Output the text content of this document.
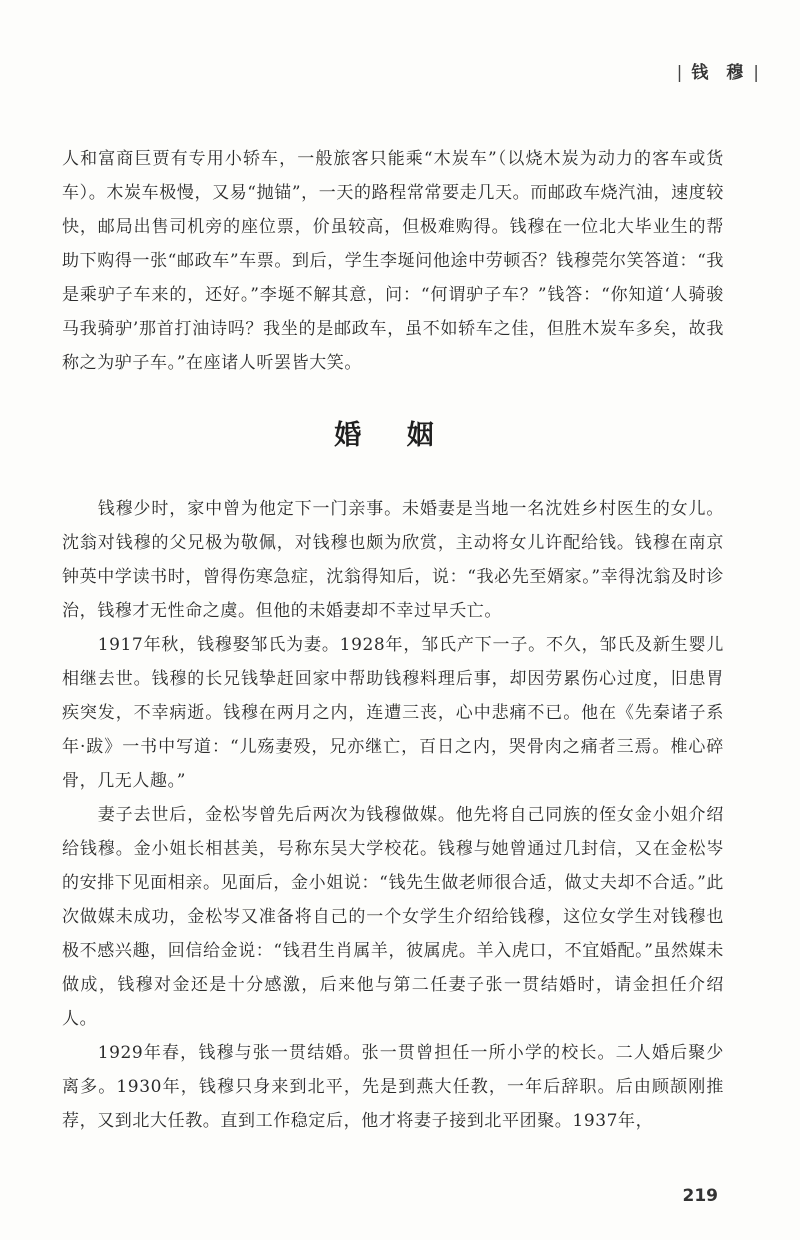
| 钱 穆 |

人和富商巨贾有专用小轿车，一般旅客只能乘“木炭车”（以烧木炭为动力的客车或货车）。木炭车极慢，又易“抛锚”，一天的路程常常要走几天。而邮政车烧汽油，速度较快，邮局出售司机旁的座位票，价虽较高，但极难购得。钱穆在一位北大毕业生的帮助下购得一张“邮政车”车票。到后，学生李埏问他途中劳顿否？钱穆莞尔笑答道：“我是乘驴子车来的，还好。”李埏不解其意，问：“何谓驴子车？”钱答：“你知道‘人骑骏马我骑驴’那首打油诗吗？我坐的是邮政车，虽不如轿车之佳，但胜木炭车多矣，故我称之为驴子车。”在座诸人听罢皆大笑。

婚 姻

钱穆少时，家中曾为他定下一门亲事。未婚妻是当地一名沈姓乡村医生的女儿。沈翁对钱穆的父兄极为敬佩，对钱穆也颇为欣赏，主动将女儿许配给钱。钱穆在南京钟英中学读书时，曾得伤寒急症，沈翁得知后，说：“我必先至婿家。”幸得沈翁及时诊治，钱穆才无性命之虞。但他的未婚妻却不幸过早夭亡。

1917年秋，钱穆娶邹氏为妻。1928年，邹氏产下一子。不久，邹氏及新生婴儿相继去世。钱穆的长兄钱挚赶回家中帮助钱穆料理后事，却因劳累伤心过度，旧患胃疾突发，不幸病逝。钱穆在两月之内，连遭三丧，心中悲痛不已。他在《先秦诸子系年·跋》一书中写道：“儿殇妻殁，兄亦继亡，百日之内，哭骨肉之痛者三焉。椎心碎骨，几无人趣。”

妻子去世后，金松岑曾先后两次为钱穆做媒。他先将自己同族的侄女金小姐介绍给钱穆。金小姐长相甚美，号称东吴大学校花。钱穆与她曾通过几封信，又在金松岑的安排下见面相亲。见面后，金小姐说：“钱先生做老师很合适，做丈夫却不合适。”此次做媒未成功，金松岑又准备将自己的一个女学生介绍给钱穆，这位女学生对钱穆也极不感兴趣，回信给金说：“钱君生肖属羊，彼属虎。羊入虎口，不宜婚配。”虽然媒未做成，钱穆对金还是十分感激，后来他与第二任妻子张一贯结婚时，请金担任介绍人。

1929年春，钱穆与张一贯结婚。张一贯曾担任一所小学的校长。二人婚后聚少离多。1930年，钱穆只身来到北平，先是到燕大任教，一年后辞职。后由顾颉刚推荐，又到北大任教。直到工作稳定后，他才将妻子接到北平团聚。1937年，

219
